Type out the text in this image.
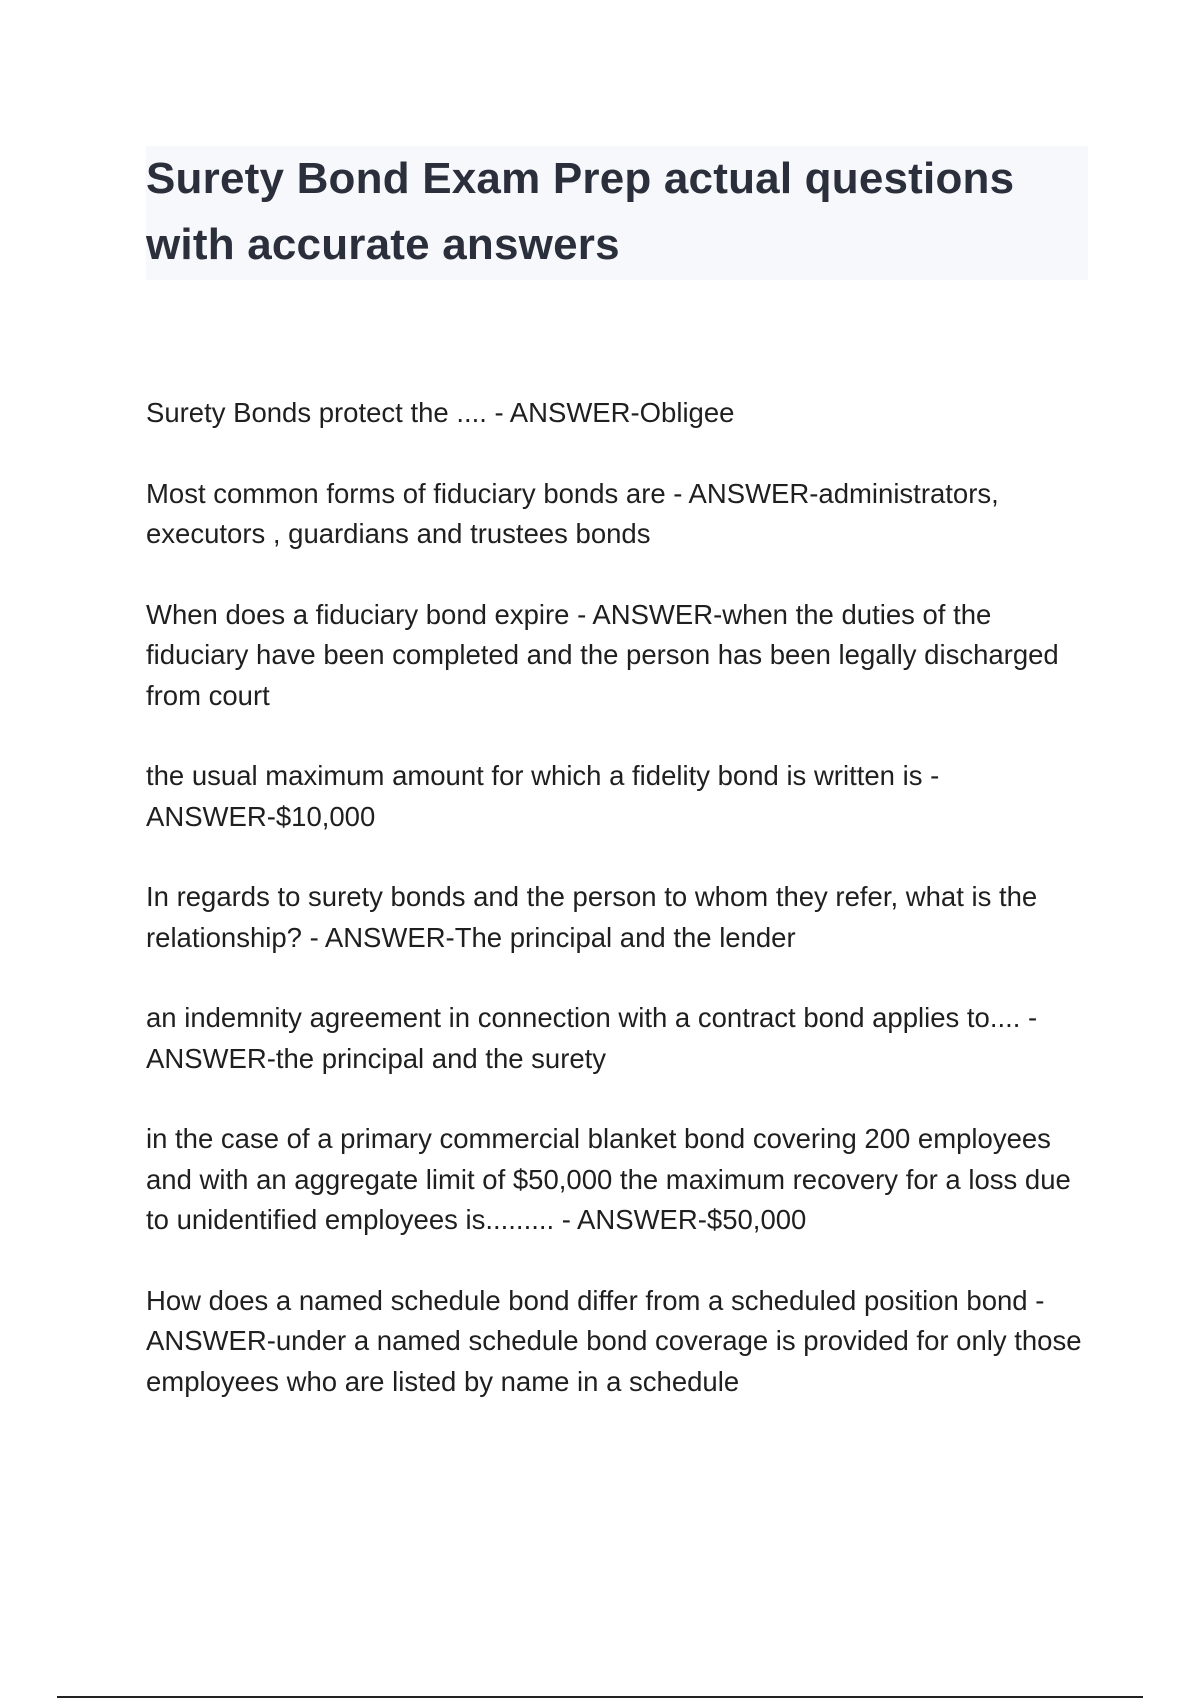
Surety Bond Exam Prep actual questions
with accurate answers
Surety Bonds protect the .... - ANSWER-Obligee
Most common forms of fiduciary bonds are - ANSWER-administrators, executors , guardians and trustees bonds
When does a fiduciary bond expire - ANSWER-when the duties of the fiduciary have been completed and the person has been legally discharged from court
the usual maximum amount for which a fidelity bond is written is - ANSWER-$10,000
In regards to surety bonds and the person to whom they refer, what is the relationship? - ANSWER-The principal and the lender
an indemnity agreement in connection with a contract bond applies to.... - ANSWER-the principal and the surety
in the case of a primary commercial blanket bond covering 200 employees and with an aggregate limit of $50,000 the maximum recovery for a loss due to unidentified employees is......... - ANSWER-$50,000
How does a named schedule bond differ from a scheduled position bond - ANSWER-under a named schedule bond coverage is provided for only those employees who are listed by name in a schedule
